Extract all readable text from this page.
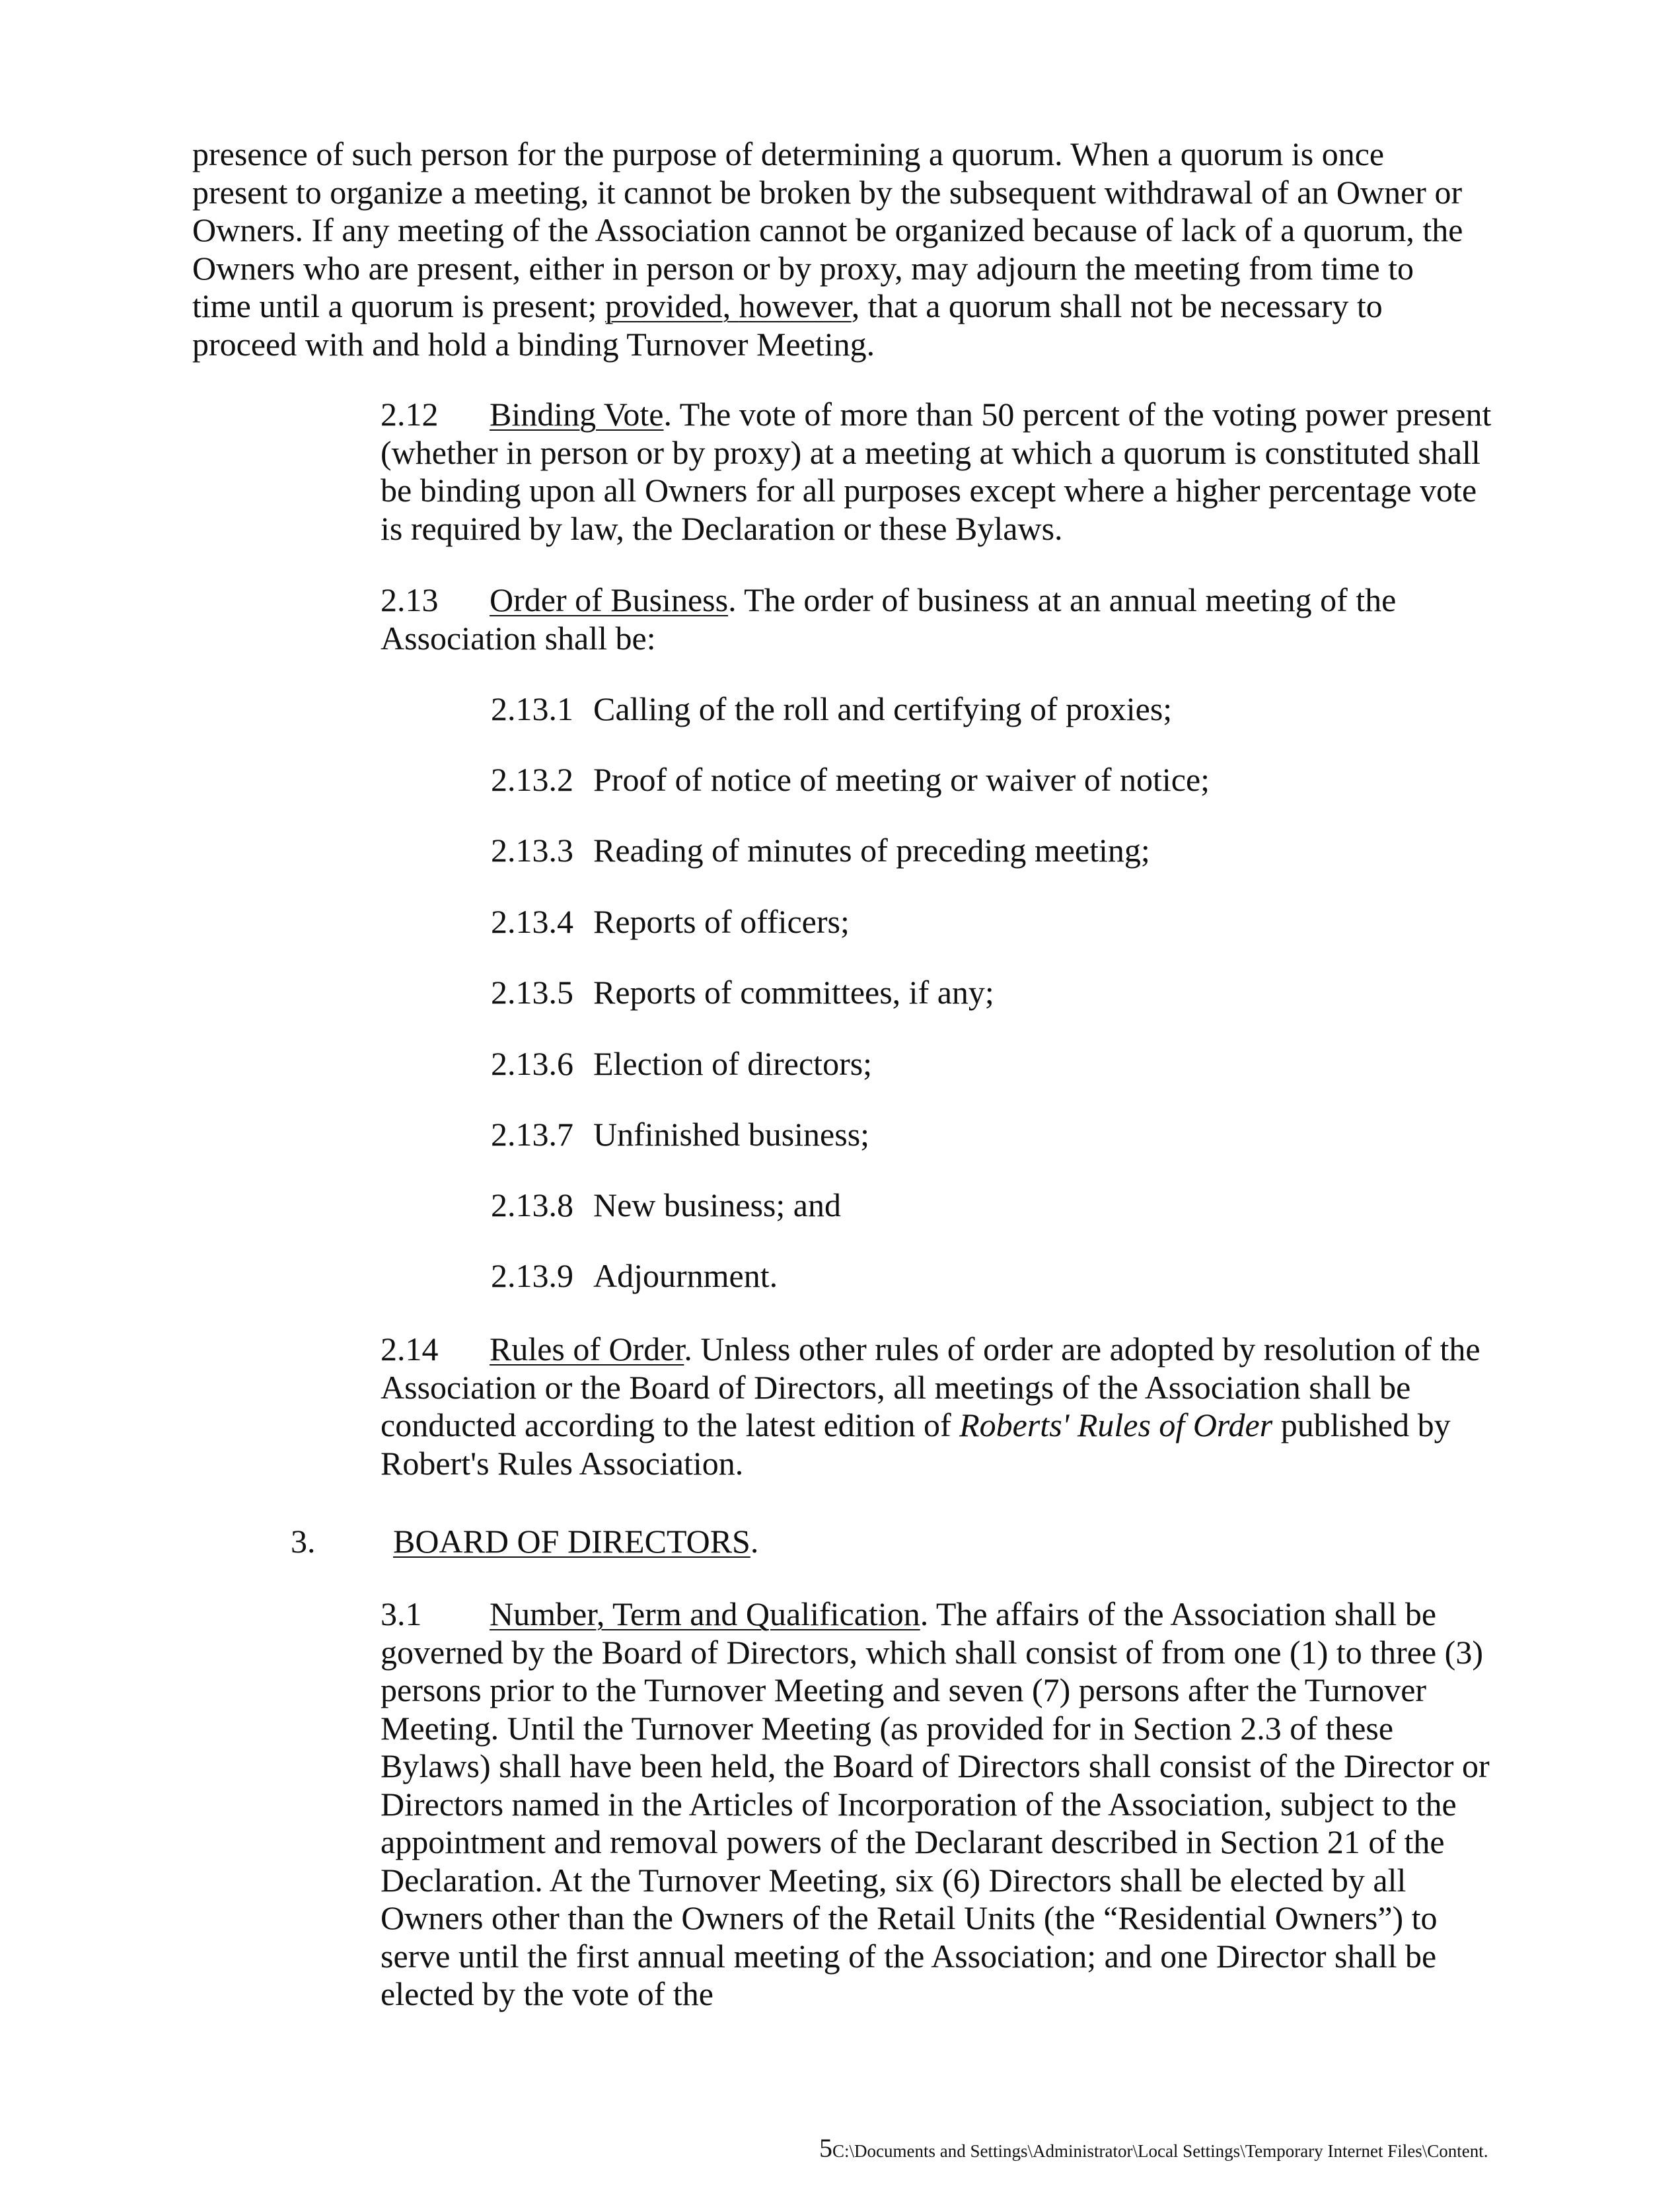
presence of such person for the purpose of determining a quorum. When a quorum is once
present to organize a meeting, it cannot be broken by the subsequent withdrawal of an Owner or
Owners. If any meeting of the Association cannot be organized because of lack of a quorum, the
Owners who are present, either in person or by proxy, may adjourn the meeting from time to
time until a quorum is present; provided, however, that a quorum shall not be necessary to
proceed with and hold a binding Turnover Meeting.

2.12 Binding Vote. The vote of more than 50 percent of the voting power present (whether in person or by proxy) at a meeting at which a quorum is constituted shall be binding upon all Owners for all purposes except where a higher percentage vote is required by law, the Declaration or these Bylaws.

2.13 Order of Business. The order of business at an annual meeting of the Association shall be:

2.13.1 Calling of the roll and certifying of proxies;
2.13.2 Proof of notice of meeting or waiver of notice;
2.13.3 Reading of minutes of preceding meeting;
2.13.4 Reports of officers;
2.13.5 Reports of committees, if any;
2.13.6 Election of directors;
2.13.7 Unfinished business;
2.13.8 New business; and
2.13.9 Adjournment.

2.14 Rules of Order. Unless other rules of order are adopted by resolution of the Association or the Board of Directors, all meetings of the Association shall be conducted according to the latest edition of Roberts' Rules of Order published by Robert's Rules Association.

3. BOARD OF DIRECTORS.

3.1 Number, Term and Qualification. The affairs of the Association shall be governed by the Board of Directors, which shall consist of from one (1) to three (3) persons prior to the Turnover Meeting and seven (7) persons after the Turnover Meeting. Until the Turnover Meeting (as provided for in Section 2.3 of these Bylaws) shall have been held, the Board of Directors shall consist of the Director or Directors named in the Articles of Incorporation of the Association, subject to the appointment and removal powers of the Declarant described in Section 21 of the Declaration. At the Turnover Meeting, six (6) Directors shall be elected by all Owners other than the Owners of the Retail Units (the “Residential Owners”) to serve until the first annual meeting of the Association; and one Director shall be elected by the vote of the

5C:\Documents and Settings\Administrator\Local Settings\Temporary Internet Files\Content.
